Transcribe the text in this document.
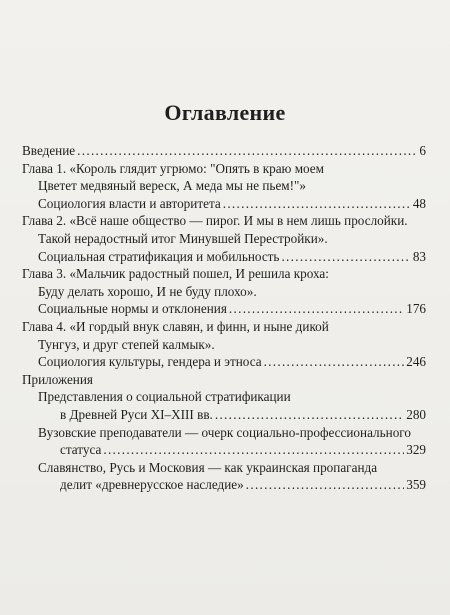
Оглавление
Введение . . .	6
Глава 1. «Король глядит угрюмо: "Опять в краю моем
Цветет медвяный вереск, А меда мы не пьем!"»
Социология власти и авторитета . . .	48
Глава 2. «Всё наше общество — пирог. И мы в нем лишь прослойки.
Такой нерадостный итог Минувшей Перестройки».
Социальная стратификация и мобильность . . .	83
Глава 3. «Мальчик радостный пошел, И решила кроха:
Буду делать хорошо, И не буду плохо».
Социальные нормы и отклонения . . .	176
Глава 4. «И гордый внук славян, и финн, и ныне дикой
Тунгуз, и друг степей калмык».
Социология культуры, гендера и этноса . . .	246
Приложения
Представления о социальной стратификации
в Древней Руси XI–XIII вв. . . .	280
Вузовские преподаватели — очерк социально-профессионального
статуса . . .	329
Славянство, Русь и Московия — как украинская пропаганда
делит «древнерусское наследие» . . .	359
